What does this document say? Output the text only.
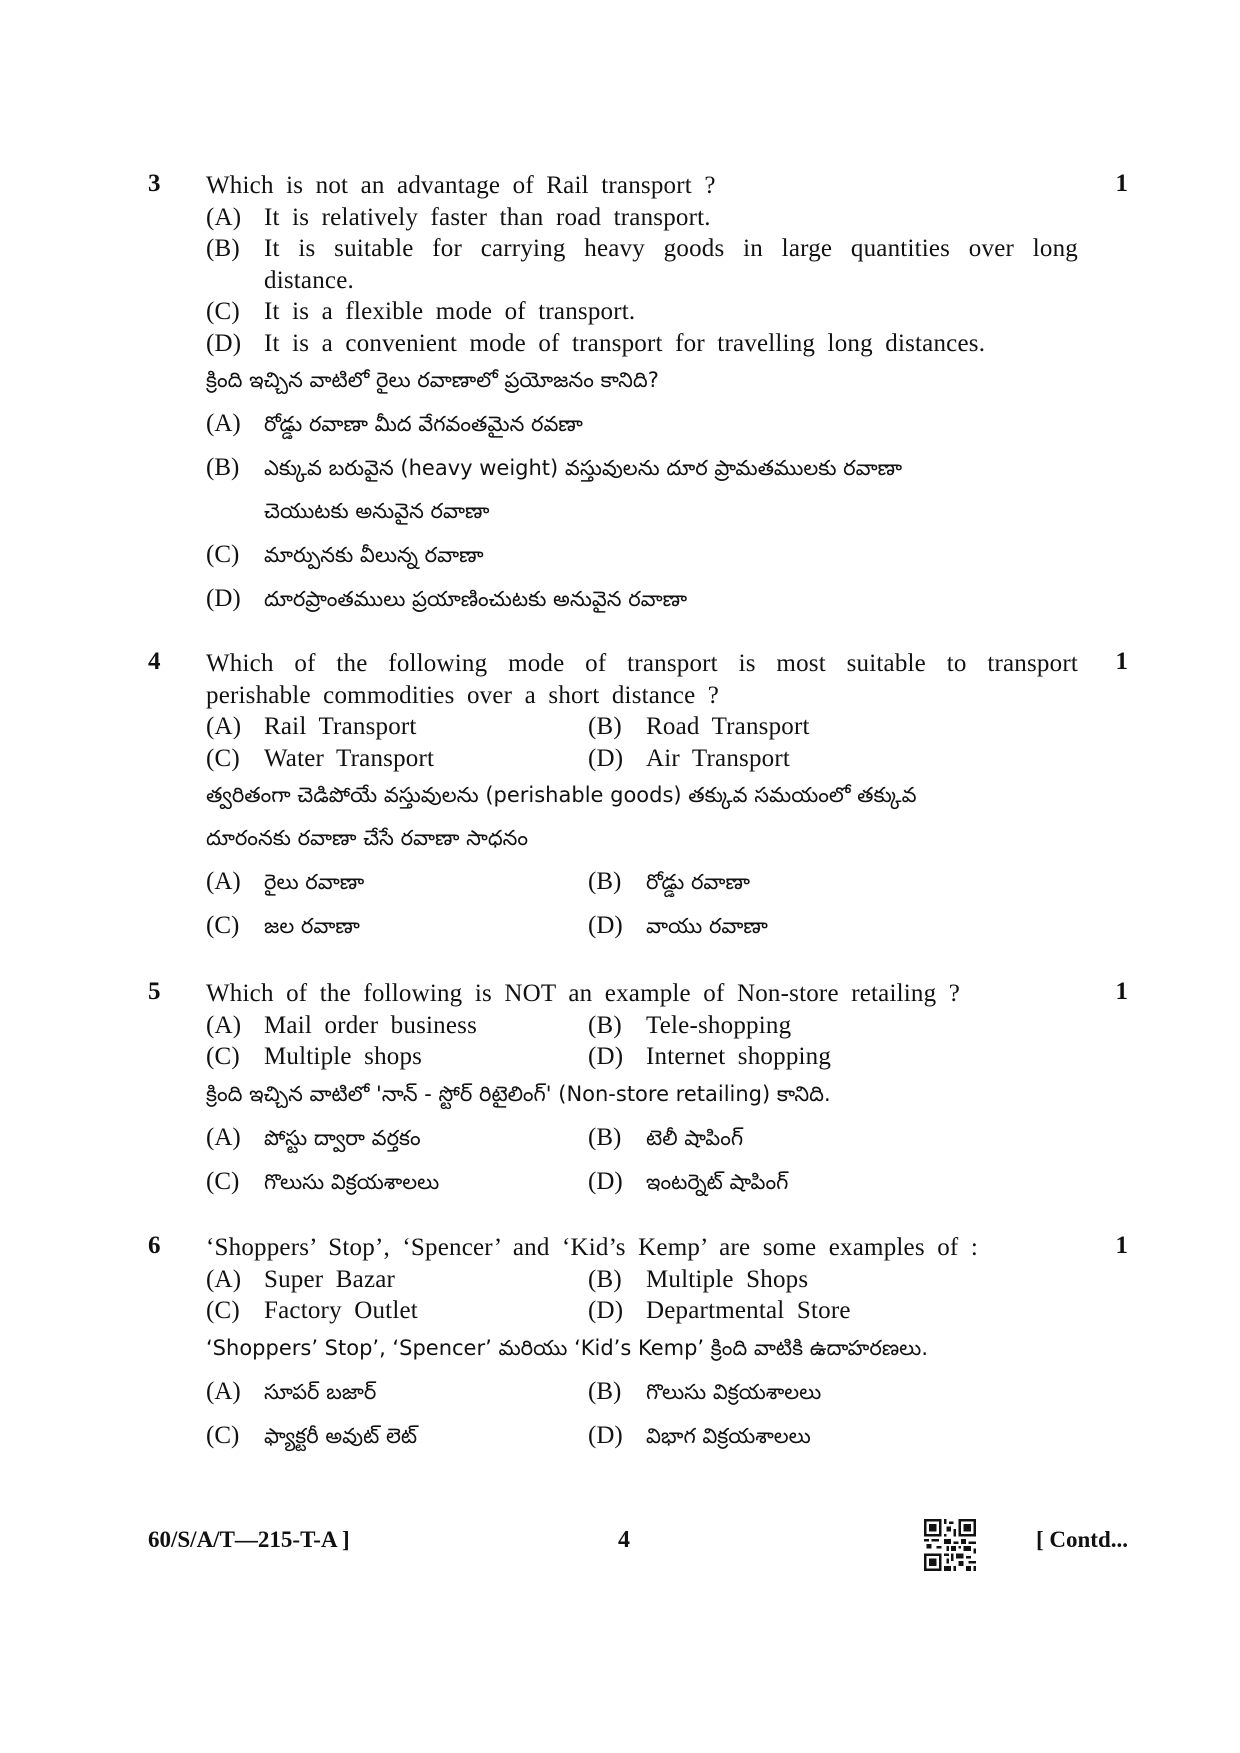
3	1
Which is not an advantage of Rail transport ?
(A) It is relatively faster than road transport.
(B) It is suitable for carrying heavy goods in large quantities over long distance.
(C) It is a flexible mode of transport.
(D) It is a convenient mode of transport for travelling long distances.
క్రింది ఇచ్చిన వాటిలో రైలు రవాణాలో ప్రయోజనం కానిది?
(A)	రోడ్డు రవాణా మీద వేగవంతమైన రవణా
(B)	ఎక్కువ బరువైన (heavy weight) వస్తువులను దూర ప్రామతములకు రవాణా
చెయుటకు అనువైన రవాణా
(C)	మార్పునకు వీలున్న రవాణా
(D)	దూరప్రాంతములు ప్రయాణించుటకు అనువైన రవాణా
4	1
Which of the following mode of transport is most suitable to transport perishable commodities over a short distance ?
(A) Rail Transport	(B) Road Transport
(C) Water Transport	(D) Air Transport
త్వరితంగా చెడిపోయే వస్తువులను (perishable goods) తక్కువ సమయంలో తక్కువ
దూరంనకు రవాణా చేసే రవాణా సాధనం
(A)	రైలు రవాణా	(B)	రోడ్డు రవాణా
(C)	జల రవాణా	(D)	వాయు రవాణా
5	1
Which of the following is NOT an example of Non-store retailing ?
(A) Mail order business	(B) Tele-shopping
(C) Multiple shops	(D) Internet shopping
క్రింది ఇచ్చిన వాటిలో 'నాన్ - స్టోర్ రిటైలింగ్' (Non-store retailing) కానిది.
(A)	పోస్టు ద్వారా వర్తకం	(B)	టెలీ షాపింగ్
(C)	గొలుసు విక్రయశాలలు	(D)	ఇంటర్నెట్ షాపింగ్
6	1
‘Shoppers’ Stop’, ‘Spencer’ and ‘Kid’s Kemp’ are some examples of :
(A) Super Bazar	(B) Multiple Shops
(C) Factory Outlet	(D) Departmental Store
‘Shoppers’ Stop’, ‘Spencer’ మరియు ‘Kid’s Kemp’ క్రింది వాటికి ఉదాహరణలు.
(A)	సూపర్ బజార్	(B)	గొలుసు విక్రయశాలలు
(C)	ఫ్యాక్టరీ అవుట్ లెట్	(D)	విభాగ విక్రయశాలలు
60/S/A/T—215-T-A ]	4	[ Contd...
